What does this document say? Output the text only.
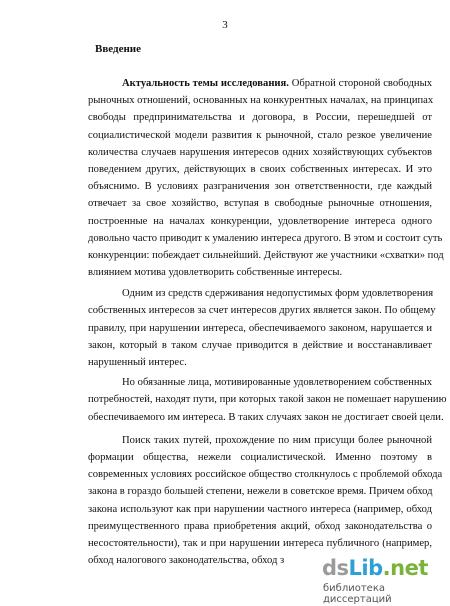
3
Введение
Актуальность темы исследования. Обратной стороной свободных
рыночных отношений, основанных на конкурентных началах, на принципах
свободы предпринимательства и договора, в России, перешедшей от
социалистической модели развития к рыночной, стало резкое увеличение
количества случаев нарушения интересов одних хозяйствующих субъектов
поведением других, действующих в своих собственных интересах. И это
объяснимо. В условиях разграничения зон ответственности, где каждый
отвечает за свое хозяйство, вступая в свободные рыночные отношения,
построенные на началах конкуренции, удовлетворение интереса одного
довольно часто приводит к умалению интереса другого. В этом и состоит суть
конкуренции: побеждает сильнейший. Действуют же участники «схватки» под
влиянием мотива удовлетворить собственные интересы.
Одним из средств сдерживания недопустимых форм удовлетворения
собственных интересов за счет интересов других является закон. По общему
правилу, при нарушении интереса, обеспечиваемого законом, нарушается и
закон, который в таком случае приводится в действие и восстанавливает
нарушенный интерес.
Но обязанные лица, мотивированные удовлетворением собственных
потребностей, находят пути, при которых такой закон не помешает нарушению
обеспечиваемого им интереса. В таких случаях закон не достигает своей цели.
Поиск таких путей, прохождение по ним присущи более рыночной
формации общества, нежели социалистической. Именно поэтому в
современных условиях российское общество столкнулось с проблемой обхода
закона в гораздо большей степени, нежели в советское время. Причем обход
закона используют как при нарушении частного интереса (например, обход
преимущественного права приобретения акций, обход законодательства о
несостоятельности), так и при нарушении интереса публичного (например,
обход налогового законодательства, обход з	dsLib.net
библиотека диссертаций
